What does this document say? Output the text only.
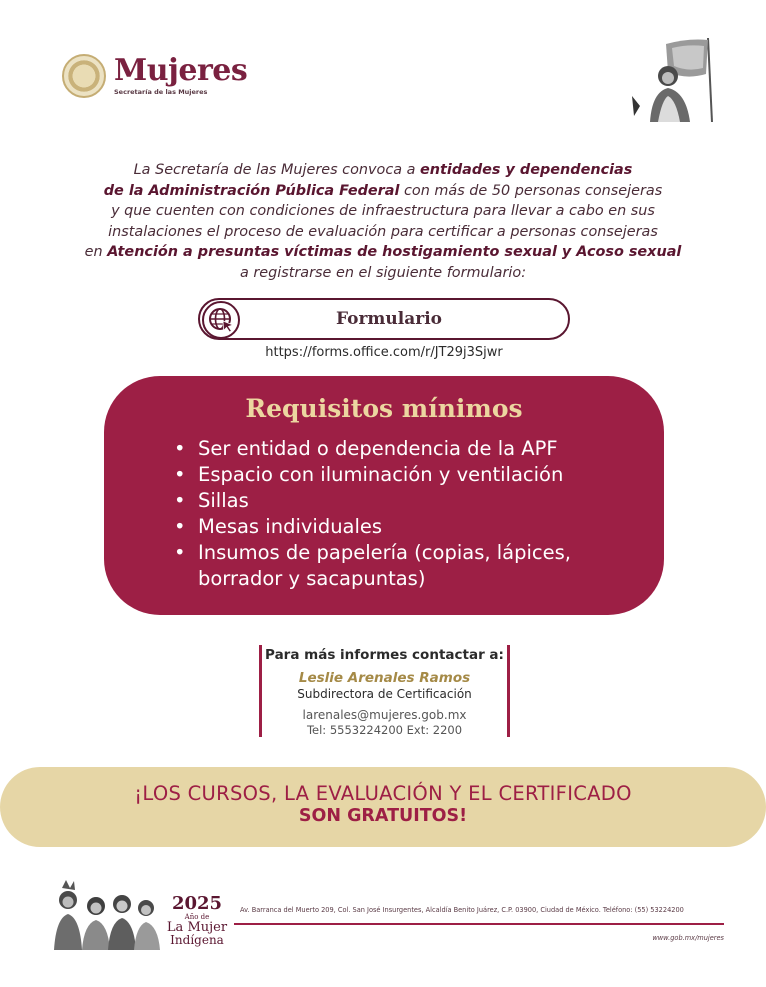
Mujeres
Secretaría de las Mujeres
La Secretaría de las Mujeres convoca a entidades y dependencias
de la Administración Pública Federal con más de 50 personas consejeras
y que cuenten con condiciones de infraestructura para llevar a cabo en sus
instalaciones el proceso de evaluación para certificar a personas consejeras
en Atención a presuntas víctimas de hostigamiento sexual y Acoso sexual
a registrarse en el siguiente formulario:
Formulario
https://forms.office.com/r/JT29j3Sjwr
Requisitos mínimos
• Ser entidad o dependencia de la APF
• Espacio con iluminación y ventilación
• Sillas
• Mesas individuales
• Insumos de papelería (copias, lápices, borrador y sacapuntas)
Para más informes contactar a:
Leslie Arenales Ramos
Subdirectora de Certificación
larenales@mujeres.gob.mx
Tel: 5553224200 Ext: 2200
¡LOS CURSOS, LA EVALUACIÓN Y EL CERTIFICADO
SON GRATUITOS!
2025
Año de
La Mujer
Indígena
Av. Barranca del Muerto 209, Col. San José Insurgentes, Alcaldía Benito Juárez, C.P. 03900, Ciudad de México. Teléfono: (55) 53224200
www.gob.mx/mujeres
